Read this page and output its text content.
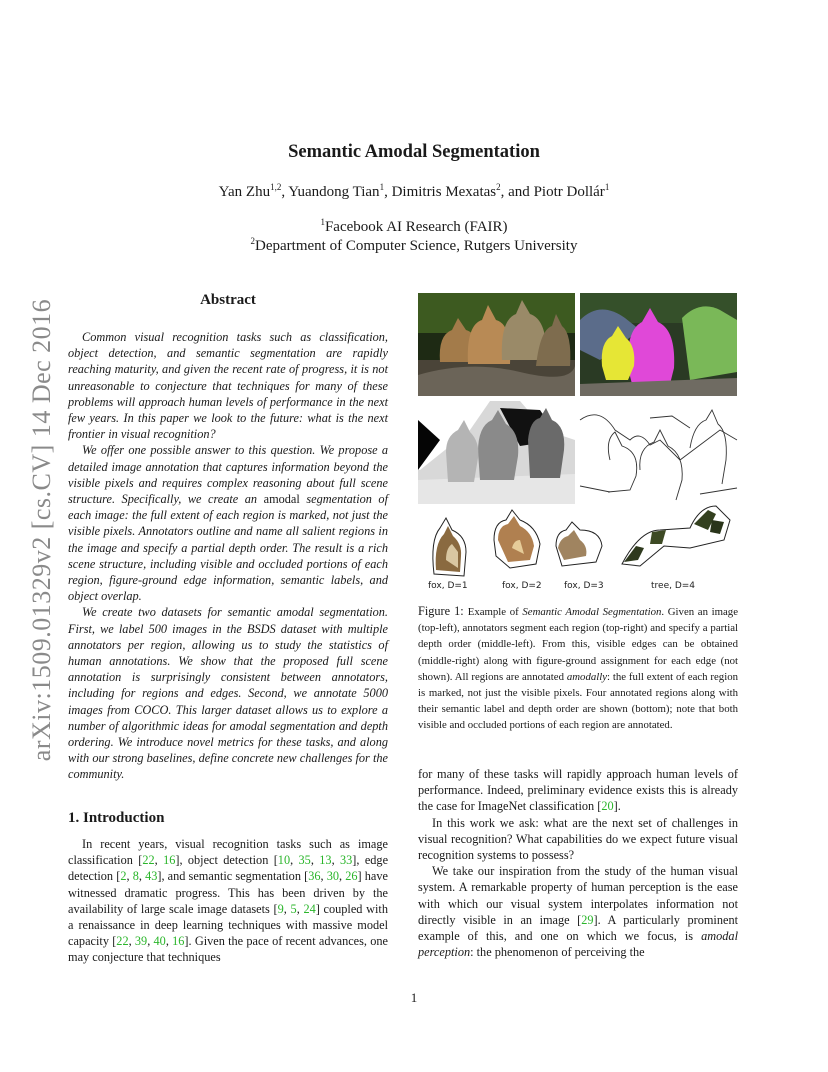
Semantic Amodal Segmentation
Yan Zhu$^{1,2}$, Yuandong Tian$^1$, Dimitris Mexatas$^2$, and Piotr Dollár$^1$
$^1$Facebook AI Research (FAIR)
$^2$Department of Computer Science, Rutgers University
arXiv:1509.01329v2 [cs.CV] 14 Dec 2016	Abstract

Common visual recognition tasks such as classification, object detection, and semantic segmentation are rapidly reaching maturity, and given the recent rate of progress, it is not unreasonable to conjecture that techniques for many of these problems will approach human levels of performance in the next few years. In this paper we look to the future: what is the next frontier in visual recognition?

We offer one possible answer to this question. We propose a detailed image annotation that captures information beyond the visible pixels and requires complex reasoning about full scene structure. Specifically, we create an amodal segmentation of each image: the full extent of each region is marked, not just the visible pixels. Annotators outline and name all salient regions in the image and specify a partial depth order. The result is a rich scene structure, including visible and occluded portions of each region, figure-ground edge information, semantic labels, and object overlap.

We create two datasets for semantic amodal segmentation. First, we label 500 images in the BSDS dataset with multiple annotators per region, allowing us to study the statistics of human annotations. We show that the proposed full scene annotation is surprisingly consistent between annotators, including for regions and edges. Second, we annotate 5000 images from COCO. This larger dataset allows us to explore a number of algorithmic ideas for amodal segmentation and depth ordering. We introduce novel metrics for these tasks, and along with our strong baselines, define concrete new challenges for the community.

1. Introduction

In recent years, visual recognition tasks such as image classification [22, 16], object detection [10, 35, 13, 33], edge detection [2, 8, 43], and semantic segmentation [36, 30, 26] have witnessed dramatic progress. This has been driven by the availability of large scale image datasets [9, 5, 24] coupled with a renaissance in deep learning techniques with massive model capacity [22, 39, 40, 16]. Given the pace of recent advances, one may conjecture that techniques

fox, D=1	fox, D=2 fox, D=3	tree, D=4
Figure 1: Example of Semantic Amodal Segmentation. Given an image (top-left), annotators segment each region (top-right) and specify a partial depth order (middle-left). From this, visible edges can be obtained (middle-right) along with figure-ground assignment for each edge (not shown). All regions are annotated amodally: the full extent of each region is marked, not just the visible pixels. Four annotated regions along with their semantic label and depth order are shown (bottom); note that both visible and occluded portions of each region are annotated.

for many of these tasks will rapidly approach human levels of performance. Indeed, preliminary evidence exists this is already the case for ImageNet classification [20].

In this work we ask: what are the next set of challenges in visual recognition? What capabilities do we expect future visual recognition systems to possess?

We take our inspiration from the study of the human visual system. A remarkable property of human perception is the ease with which our visual system interpolates information not directly visible in an image [29]. A particularly prominent example of this, and one on which we focus, is amodal perception: the phenomenon of perceiving the

1
